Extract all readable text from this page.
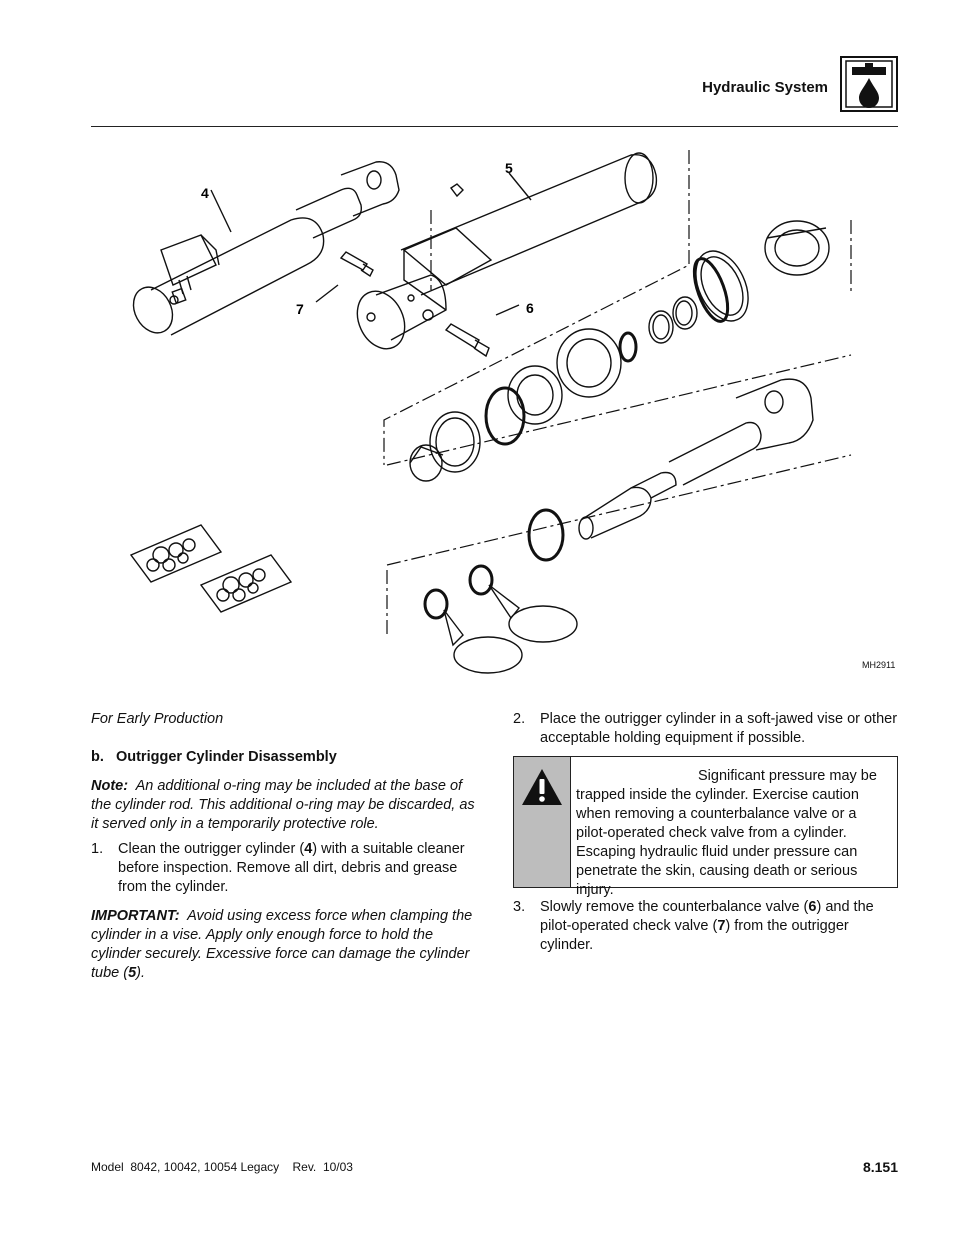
Hydraulic System
4
5
6
7
MH2911

For Early Production

b.   Outrigger Cylinder Disassembly

Note: An additional o-ring may be included at the base of the cylinder rod. This additional o-ring may be discarded, as it served only in a temporarily protective role.

1.	Clean the outrigger cylinder (4) with a suitable cleaner before inspection. Remove all dirt, debris and grease from the cylinder.

IMPORTANT: Avoid using excess force when clamping the cylinder in a vise. Apply only enough force to hold the cylinder securely. Excessive force can damage the cylinder tube (5).

2.	Place the outrigger cylinder in a soft-jawed vise or other acceptable holding equipment if possible.
Significant pressure may be
trapped inside the cylinder. Exercise caution when removing a counterbalance valve or a pilot-operated check valve from a cylinder. Escaping hydraulic fluid under pressure can penetrate the skin, causing death or serious injury.
3.	Slowly remove the counterbalance valve (6) and the pilot-operated check valve (7) from the outrigger cylinder.
Model  8042, 10042, 10054 Legacy    Rev.  10/03	8.151
